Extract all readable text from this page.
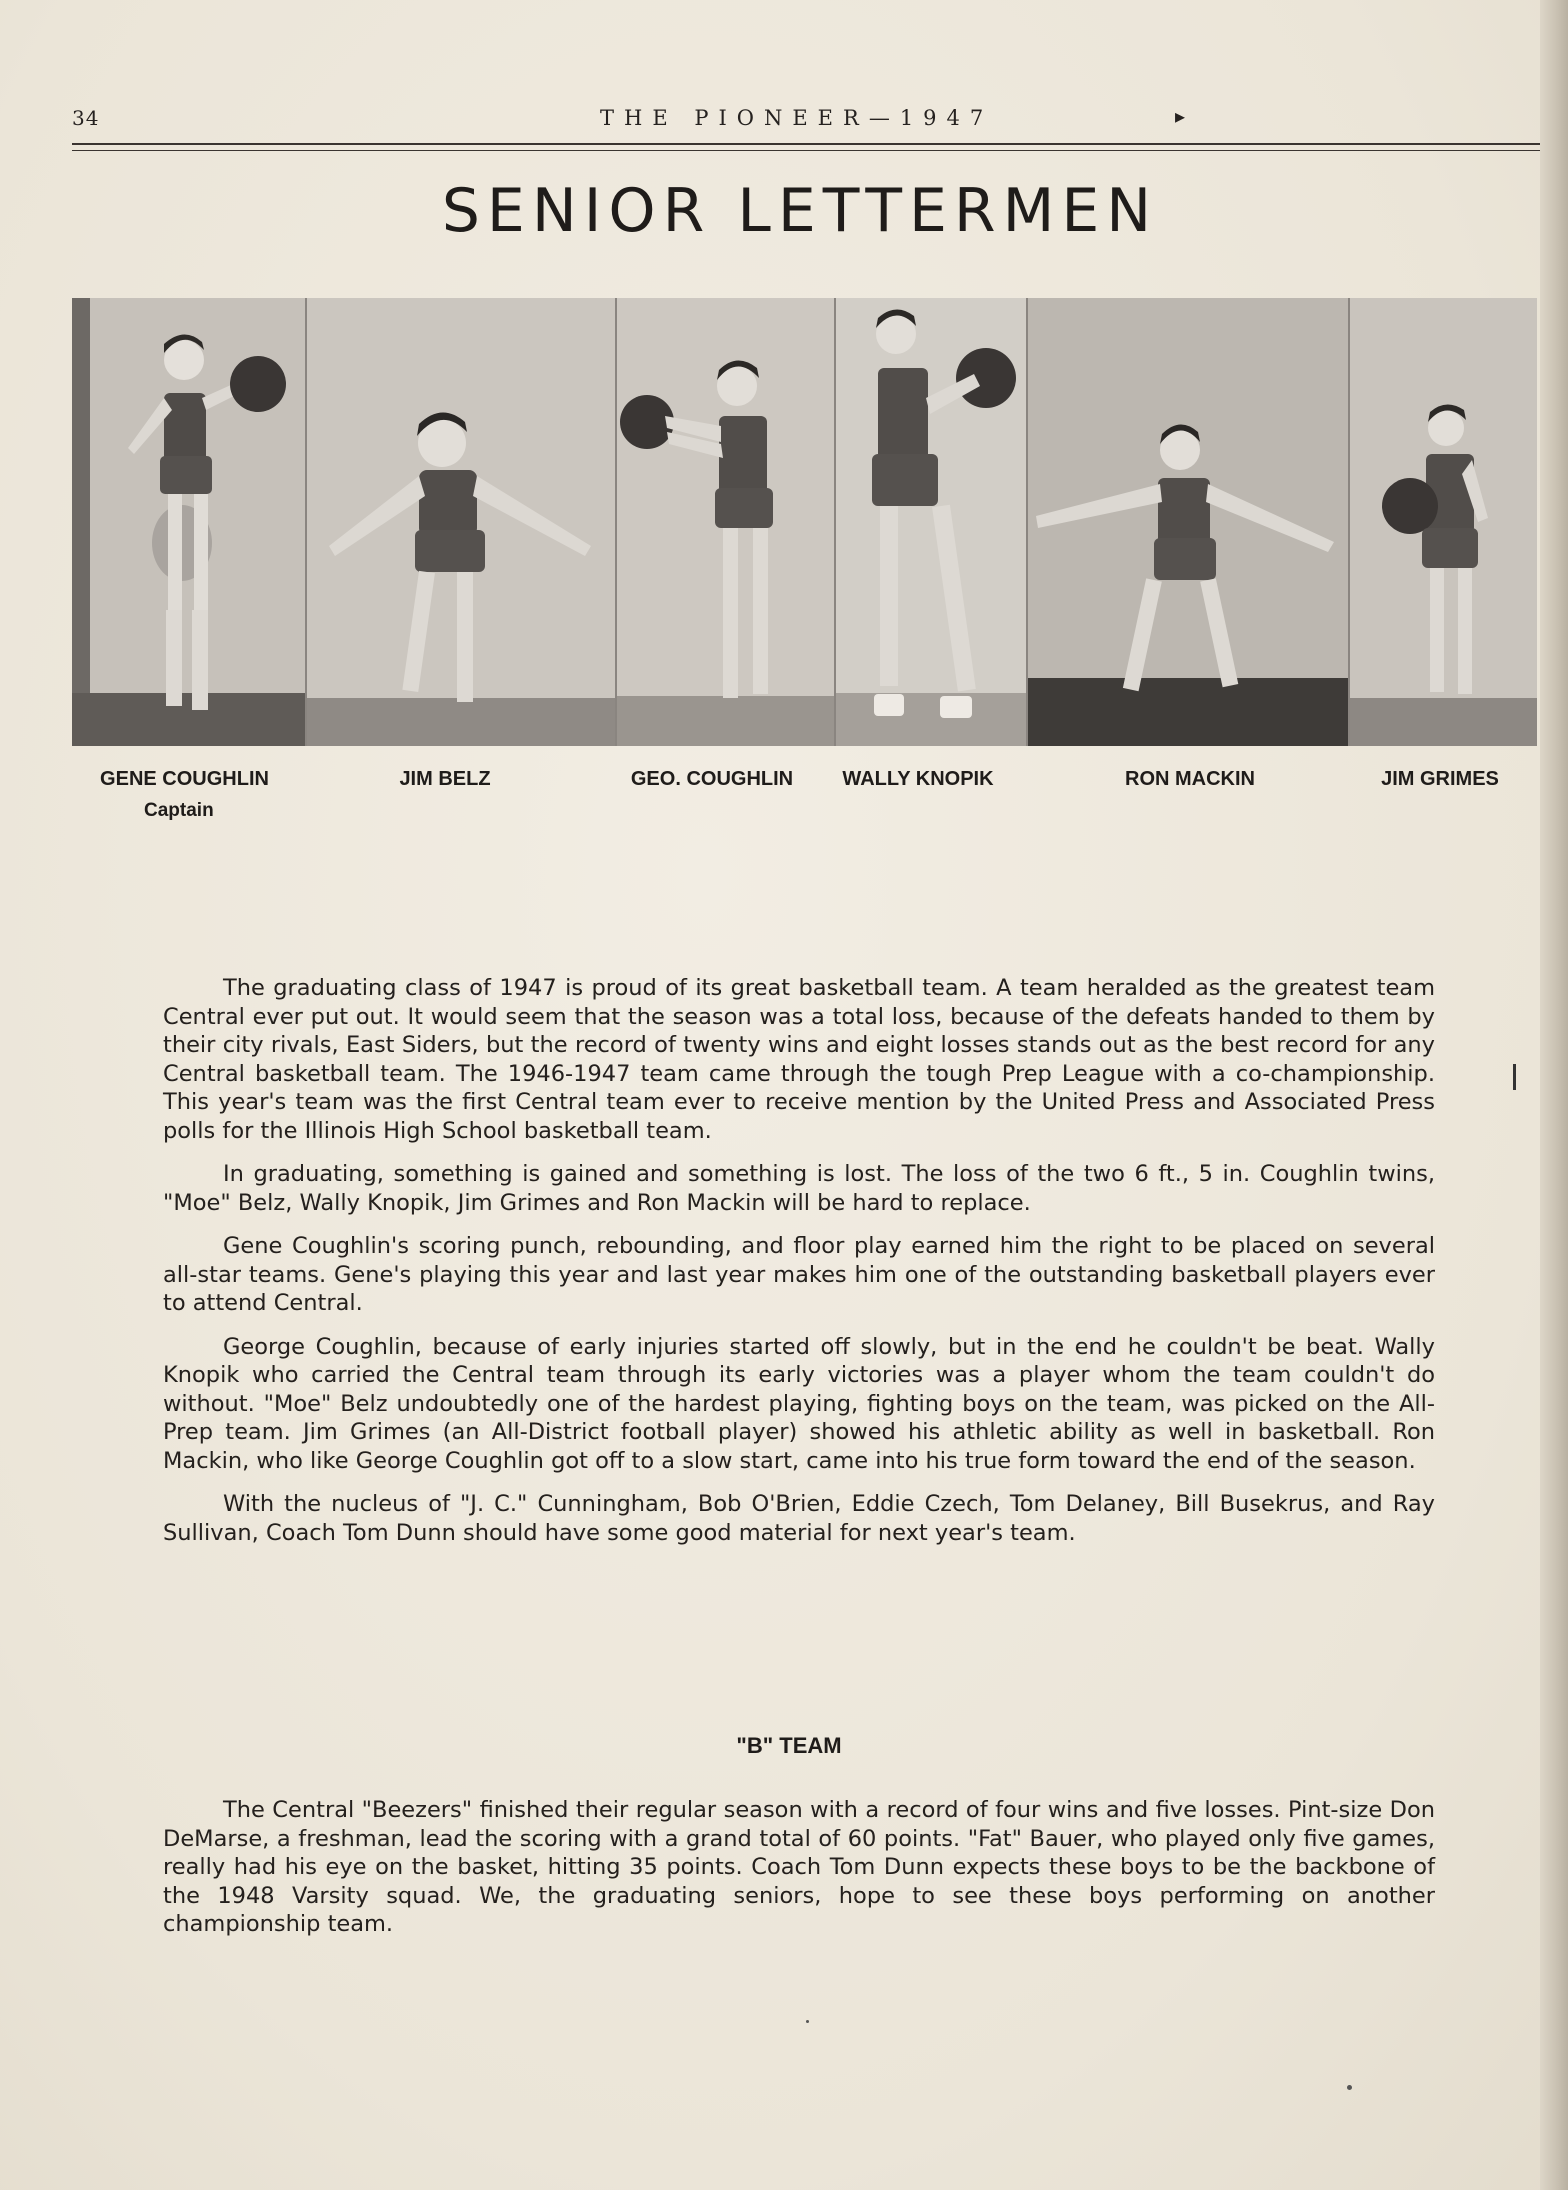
34	THE PIONEER—1947	▸
SENIOR LETTERMEN
GENE COUGHLIN
Captain
JIM BELZ	GEO. COUGHLIN	WALLY KNOPIK	RON MACKIN	JIM GRIMES

The graduating class of 1947 is proud of its great basketball team. A team heralded as the greatest team Central ever put out. It would seem that the season was a total loss, because of the defeats handed to them by their city rivals, East Siders, but the record of twenty wins and eight losses stands out as the best record for any Central basketball team. The 1946-1947 team came through the tough Prep League with a co-championship. This year's team was the first Central team ever to receive mention by the United Press and Associated Press polls for the Illinois High School basketball team.

In graduating, something is gained and something is lost. The loss of the two 6 ft., 5 in. Coughlin twins, "Moe" Belz, Wally Knopik, Jim Grimes and Ron Mackin will be hard to replace.

Gene Coughlin's scoring punch, rebounding, and floor play earned him the right to be placed on several all-star teams. Gene's playing this year and last year makes him one of the outstanding basketball players ever to attend Central.

George Coughlin, because of early injuries started off slowly, but in the end he couldn't be beat. Wally Knopik who carried the Central team through its early victories was a player whom the team couldn't do without. "Moe" Belz undoubtedly one of the hardest playing, fighting boys on the team, was picked on the All-Prep team. Jim Grimes (an All-District football player) showed his athletic ability as well in basketball. Ron Mackin, who like George Coughlin got off to a slow start, came into his true form toward the end of the season.

With the nucleus of "J. C." Cunningham, Bob O'Brien, Eddie Czech, Tom Delaney, Bill Busekrus, and Ray Sullivan, Coach Tom Dunn should have some good material for next year's team.

"B" TEAM

The Central "Beezers" finished their regular season with a record of four wins and five losses. Pint-size Don DeMarse, a freshman, lead the scoring with a grand total of 60 points. "Fat" Bauer, who played only five games, really had his eye on the basket, hitting 35 points. Coach Tom Dunn expects these boys to be the backbone of the 1948 Varsity squad. We, the graduating seniors, hope to see these boys performing on another championship team.
